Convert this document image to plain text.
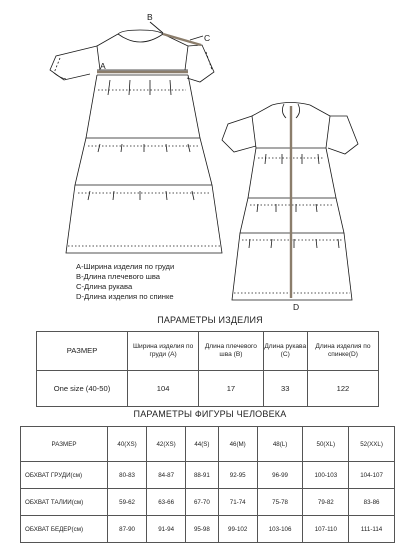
A
B
C
D
A-Ширина изделия по груди
B-Длина плечевого шва
C-Длина рукава
D-Длина изделия по спинке
ПАРАМЕТРЫ ИЗДЕЛИЯ
РАЗМЕР	Ширина изделия по груди (А)	Длина плечевого шва (В)	Длина рукава (С)	Длина изделия по спинке(D)
One size (40-50)	104	17	33	122
ПАРАМЕТРЫ ФИГУРЫ ЧЕЛОВЕКА
РАЗМЕР	40(XS)	42(XS)	44(S)	46(M)	48(L)	50(XL)	52(XXL)
ОБХВАТ ГРУДИ(см)	80-83	84-87	88-91	92-95	96-99	100-103	104-107
ОБХВАТ ТАЛИИ(см)	59-62	63-66	67-70	71-74	75-78	79-82	83-86
ОБХВАТ БЕДЕР(см)	87-90	91-94	95-98	99-102	103-106	107-110	111-114
